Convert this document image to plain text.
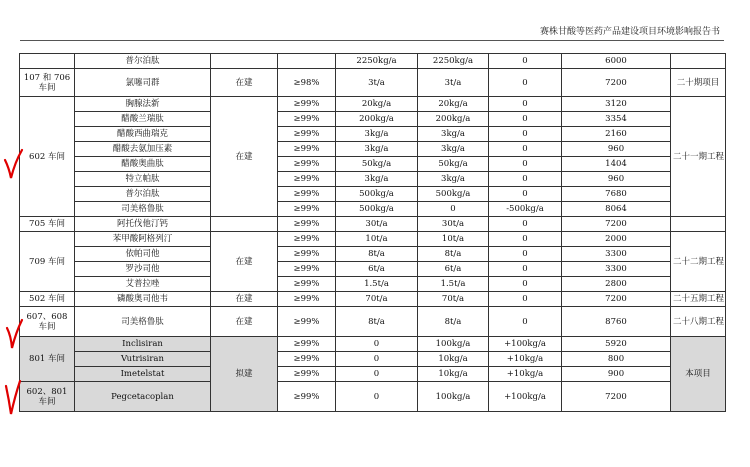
赛株甘酸等医药产品建设项目环境影响报告书
	普尔泊肽			2250kg/a	2250kg/a	0	6000	
107 和 706 车间	氯噻司群	在建	≥98%	3t/a	3t/a	0	7200	二十期项目
602 车间	胸腺法新	在建	≥99%	20kg/a	20kg/a	0	3120	二十一期工程
	醋酸兰瑞肽		≥99%	200kg/a	200kg/a	0	3354	
	醋酸西曲瑞克		≥99%	3kg/a	3kg/a	0	2160	
	醋酸去氨加压素		≥99%	3kg/a	3kg/a	0	960	
	醋酸奥曲肽		≥99%	50kg/a	50kg/a	0	1404	
	特立帕肽		≥99%	3kg/a	3kg/a	0	960	
	普尔泊肽		≥99%	500kg/a	500kg/a	0	7680	
	司美格鲁肽		≥99%	500kg/a	0	-500kg/a	8064	
705 车间	阿托伐他汀钙		≥99%	30t/a	30t/a	0	7200	
709 车间	苯甲酸阿格列汀	在建	≥99%	10t/a	10t/a	0	2000	二十二期工程
	依帕司他		≥99%	8t/a	8t/a	0	3300	
	罗沙司他		≥99%	6t/a	6t/a	0	3300	
	艾普拉唑		≥99%	1.5t/a	1.5t/a	0	2800	
502 车间	磷酸奥司他韦	在建	≥99%	70t/a	70t/a	0	7200	二十五期工程
607、608 车间	司美格鲁肽	在建	≥99%	8t/a	8t/a	0	8760	二十八期工程
801 车间	Inclisiran	拟建	≥99%	0	100kg/a	+100kg/a	5920	本项目
	Vutrisiran		≥99%	0	10kg/a	+10kg/a	800	
	Imetelstat		≥99%	0	10kg/a	+10kg/a	900	
602、801 车间	Pegcetacoplan		≥99%	0	100kg/a	+100kg/a	7200	
